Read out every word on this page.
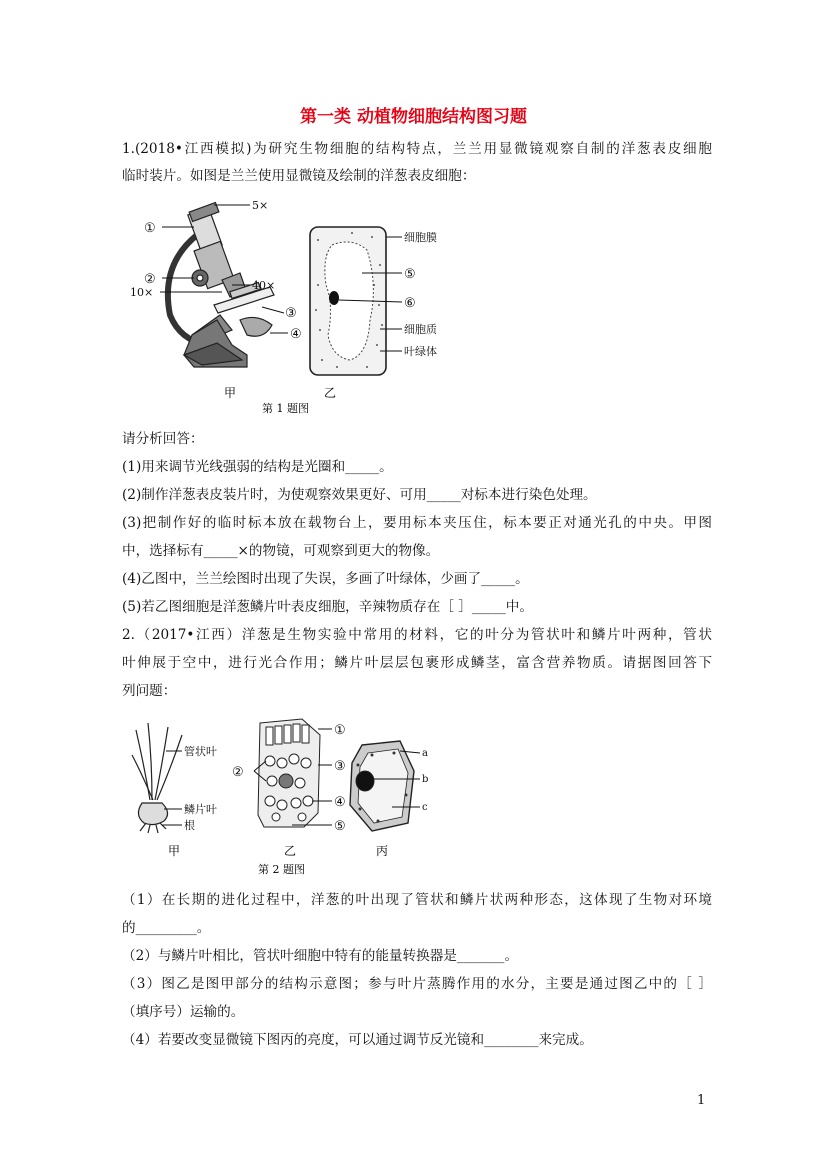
第一类 动植物细胞结构图习题
1.(2018•江西模拟)为研究生物细胞的结构特点，兰兰用显微镜观察自制的洋葱表皮细胞
临时装片。如图是兰兰使用显微镜及绘制的洋葱表皮细胞：
5×
①
②
10×
40×
③
④
甲
细胞膜
⑤
⑥
细胞质
叶绿体
乙
第 1 题图
请分析回答：
(1)用来调节光线强弱的结构是光圈和_____。
(2)制作洋葱表皮装片时，为使观察效果更好、可用_____对标本进行染色处理。
(3)把制作好的临时标本放在载物台上，要用标本夹压住，标本要正对通光孔的中央。甲图
中，选择标有_____×的物镜，可观察到更大的物像。
(4)乙图中，兰兰绘图时出现了失误，多画了叶绿体，少画了_____。
(5)若乙图细胞是洋葱鳞片叶表皮细胞，辛辣物质存在［ ］_____中。
2.（2017•江西）洋葱是生物实验中常用的材料，它的叶分为管状叶和鳞片叶两种，管状
叶伸展于空中，进行光合作用；鳞片叶层层包裹形成鳞茎，富含营养物质。请据图回答下
列问题：
管状叶
鳞片叶
根
甲
①
②	③
④
⑤
乙
a
b
c
丙
第 2 题图
（1）在长期的进化过程中，洋葱的叶出现了管状和鳞片状两种形态，这体现了生物对环境
的_________。
（2）与鳞片叶相比，管状叶细胞中特有的能量转换器是_______。
（3）图乙是图甲部分的结构示意图；参与叶片蒸腾作用的水分，主要是通过图乙中的［ ］
（填序号）运输的。
（4）若要改变显微镜下图丙的亮度，可以通过调节反光镜和________来完成。
1
